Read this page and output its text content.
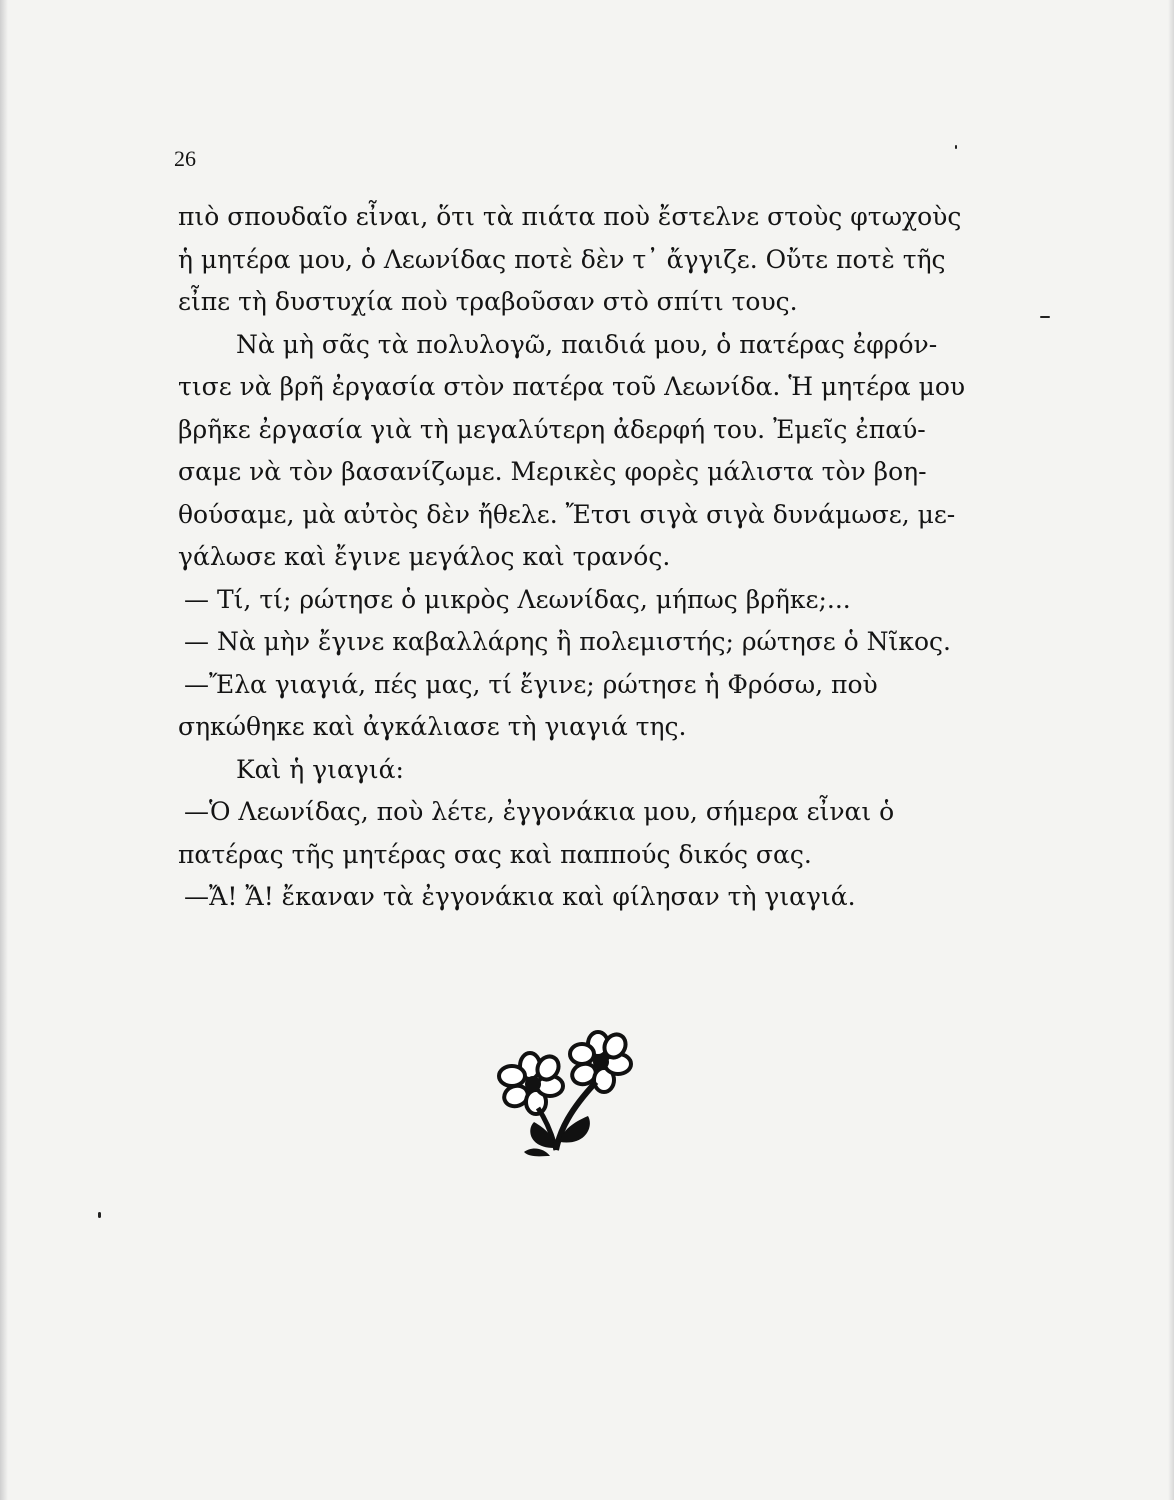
26
πιὸ σπουδαῖο εἶναι, ὅτι τὰ πιάτα ποὺ ἔστελνε στοὺς φτωχοὺς
ἡ μητέρα μου, ὁ Λεωνίδας ποτὲ δὲν τ᾿ ἄγγιζε. Οὔτε ποτὲ τῆς
εἶπε τὴ δυστυχία ποὺ τραβοῦσαν στὸ σπίτι τους.
Νὰ μὴ σᾶς τὰ πολυλογῶ, παιδιά μου, ὁ πατέρας ἐφρόν-
τισε νὰ βρῆ ἐργασία στὸν πατέρα τοῦ Λεωνίδα. Ἡ μητέρα μου
βρῆκε ἐργασία γιὰ τὴ μεγαλύτερη ἀδερφή του. Ἐμεῖς ἐπαύ-
σαμε νὰ τὸν βασανίζωμε. Μερικὲς φορὲς μάλιστα τὸν βοη-
θούσαμε, μὰ αὐτὸς δὲν ἤθελε. Ἔτσι σιγὰ σιγὰ δυνάμωσε, με-
γάλωσε καὶ ἔγινε μεγάλος καὶ τρανός.
— Τί, τί; ρώτησε ὁ μικρὸς Λεωνίδας, μήπως βρῆκε;...
— Νὰ μὴν ἔγινε καβαλλάρης ἢ πολεμιστής; ρώτησε ὁ Νῖκος.
—Ἔλα γιαγιά, πές μας, τί ἔγινε; ρώτησε ἡ Φρόσω, ποὺ
σηκώθηκε καὶ ἀγκάλιασε τὴ γιαγιά της.
Καὶ ἡ γιαγιά:
—Ὁ Λεωνίδας, ποὺ λέτε, ἐγγονάκια μου, σήμερα εἶναι ὁ
πατέρας τῆς μητέρας σας καὶ παππούς δικός σας.
—Ἄ! Ἄ! ἔκαναν τὰ ἐγγονάκια καὶ φίλησαν τὴ γιαγιά.
